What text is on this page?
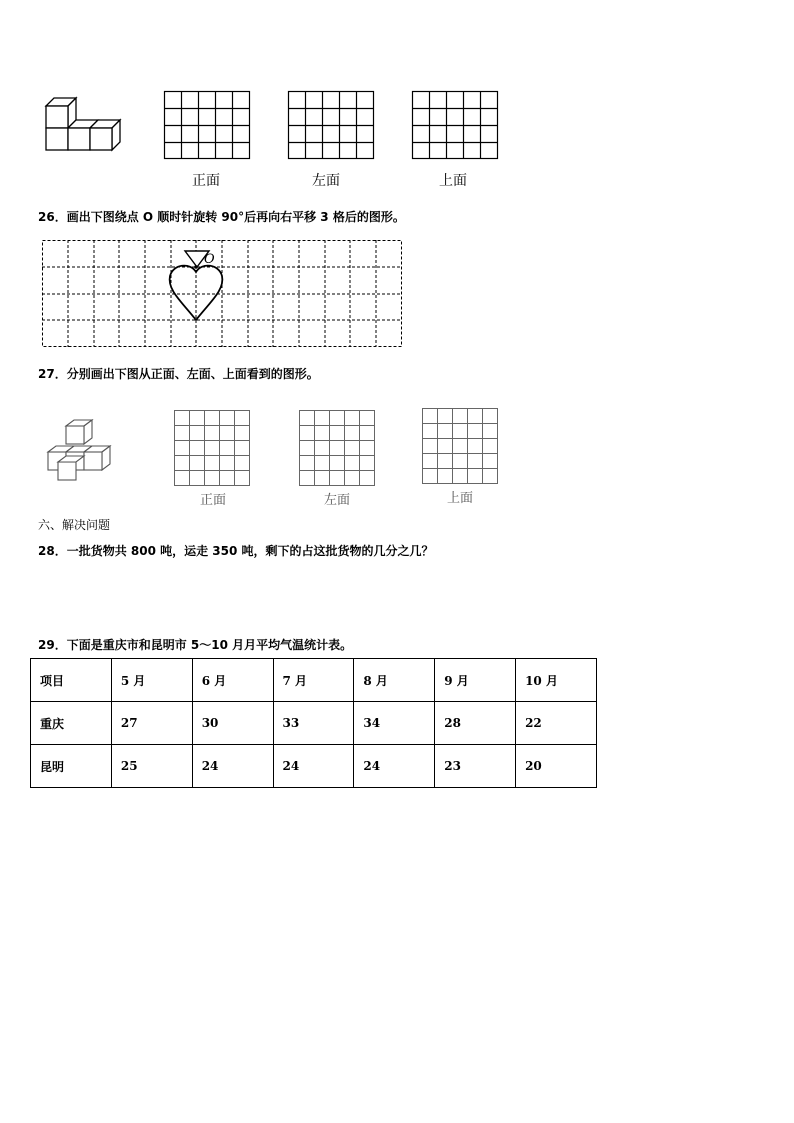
正面	左面	上面
26．画出下图绕点 O 顺时针旋转 90°后再向右平移 3 格后的图形。
O
27．分别画出下图从正面、左面、上面看到的图形。
正面	左面	上面
六、解决问题
28．一批货物共 800 吨，运走 350 吨，剩下的占这批货物的几分之几？
29．下面是重庆市和昆明市 5～10 月月平均气温统计表。
项目	5 月	6 月	7 月	8 月	9 月	10 月
重庆	27	30	33	34	28	22
昆明	25	24	24	24	23	20
